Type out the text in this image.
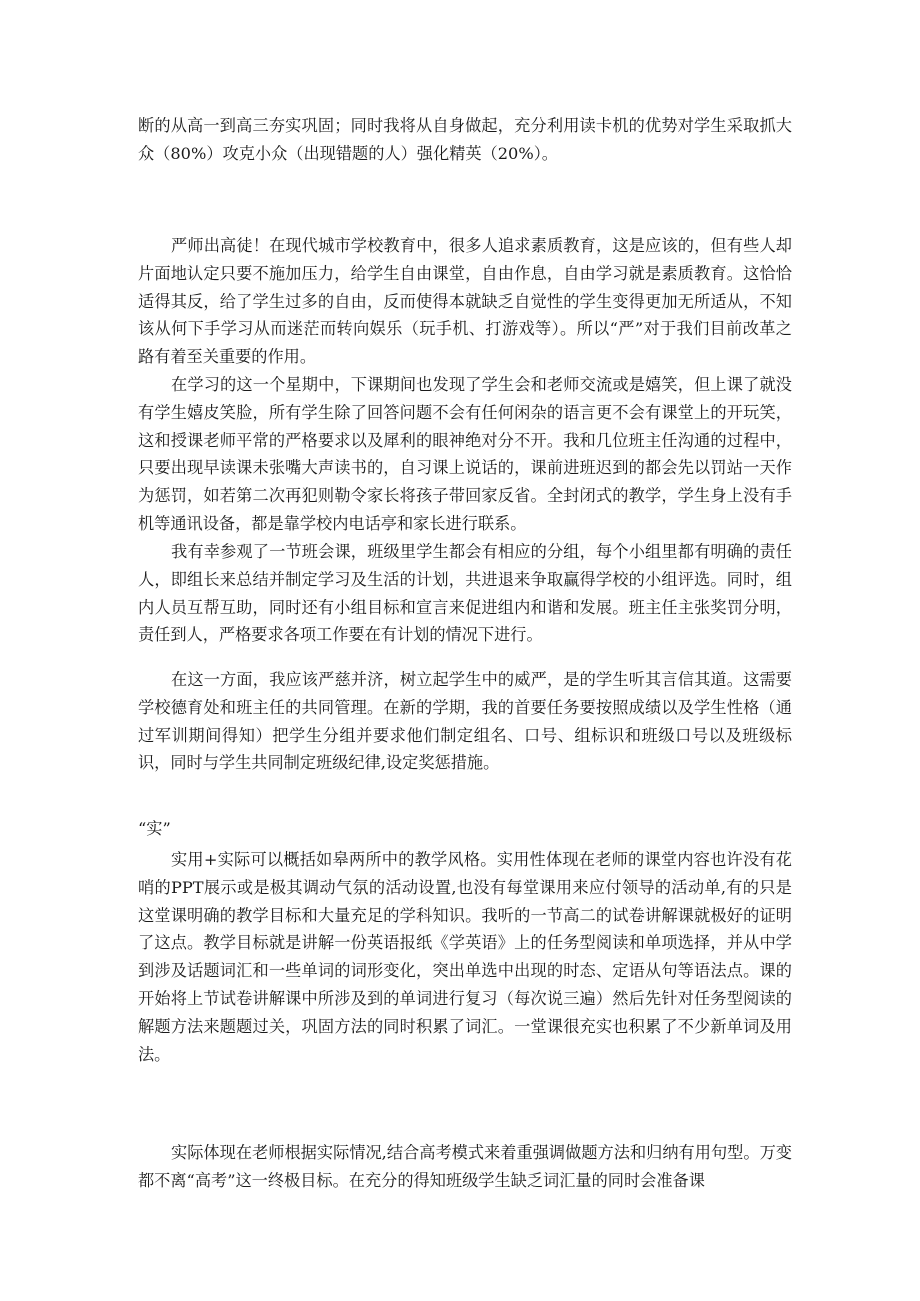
断的从高一到高三夯实巩固；同时我将从自身做起，充分利用读卡机的优势对学生采取抓大众（80%）攻克小众（出现错题的人）强化精英（20%）。

严师出高徒！在现代城市学校教育中，很多人追求素质教育，这是应该的，但有些人却片面地认定只要不施加压力，给学生自由课堂，自由作息，自由学习就是素质教育。这恰恰适得其反，给了学生过多的自由，反而使得本就缺乏自觉性的学生变得更加无所适从，不知该从何下手学习从而迷茫而转向娱乐（玩手机、打游戏等）。所以“严”对于我们目前改革之路有着至关重要的作用。

在学习的这一个星期中，下课期间也发现了学生会和老师交流或是嬉笑，但上课了就没有学生嬉皮笑脸，所有学生除了回答问题不会有任何闲杂的语言更不会有课堂上的开玩笑，这和授课老师平常的严格要求以及犀利的眼神绝对分不开。我和几位班主任沟通的过程中，只要出现早读课未张嘴大声读书的，自习课上说话的，课前进班迟到的都会先以罚站一天作为惩罚，如若第二次再犯则勒令家长将孩子带回家反省。全封闭式的教学，学生身上没有手机等通讯设备，都是靠学校内电话亭和家长进行联系。

我有幸参观了一节班会课，班级里学生都会有相应的分组，每个小组里都有明确的责任人，即组长来总结并制定学习及生活的计划，共进退来争取赢得学校的小组评选。同时，组内人员互帮互助，同时还有小组目标和宣言来促进组内和谐和发展。班主任主张奖罚分明，责任到人，严格要求各项工作要在有计划的情况下进行。

在这一方面，我应该严慈并济，树立起学生中的威严，是的学生听其言信其道。这需要学校德育处和班主任的共同管理。在新的学期，我的首要任务要按照成绩以及学生性格（通过军训期间得知）把学生分组并要求他们制定组名、口号、组标识和班级口号以及班级标识，同时与学生共同制定班级纪律,设定奖惩措施。

“实”

实用+实际可以概括如皋两所中的教学风格。实用性体现在老师的课堂内容也许没有花哨的PPT展示或是极其调动气氛的活动设置,也没有每堂课用来应付领导的活动单,有的只是这堂课明确的教学目标和大量充足的学科知识。我听的一节高二的试卷讲解课就极好的证明了这点。教学目标就是讲解一份英语报纸《学英语》上的任务型阅读和单项选择，并从中学到涉及话题词汇和一些单词的词形变化，突出单选中出现的时态、定语从句等语法点。课的开始将上节试卷讲解课中所涉及到的单词进行复习（每次说三遍）然后先针对任务型阅读的解题方法来题题过关，巩固方法的同时积累了词汇。一堂课很充实也积累了不少新单词及用法。

实际体现在老师根据实际情况,结合高考模式来着重强调做题方法和归纳有用句型。万变都不离“高考”这一终极目标。在充分的得知班级学生缺乏词汇量的同时会准备课
